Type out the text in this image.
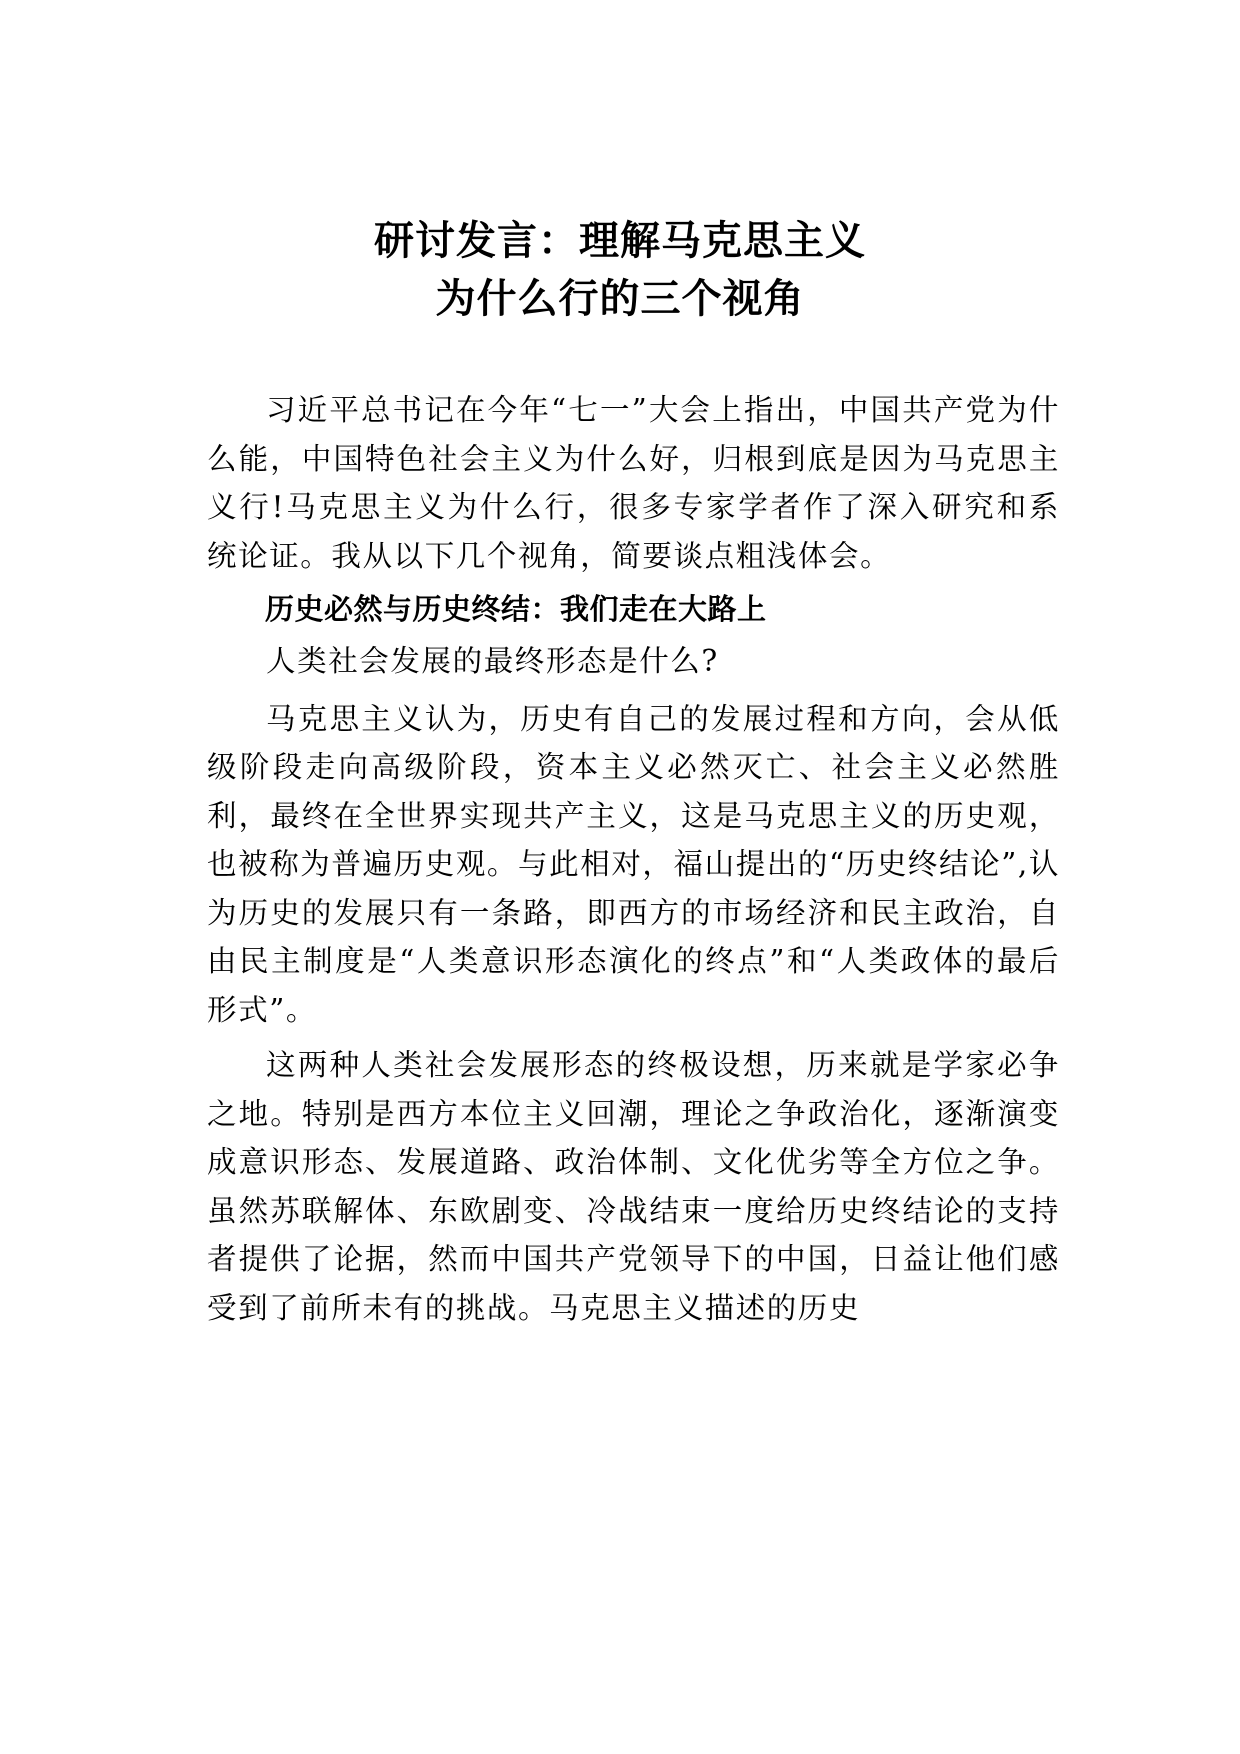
研讨发言：理解马克思主义
为什么行的三个视角

习近平总书记在今年“七一”大会上指出，中国共产党为什么能，中国特色社会主义为什么好，归根到底是因为马克思主义行!马克思主义为什么行，很多专家学者作了深入研究和系统论证。我从以下几个视角，简要谈点粗浅体会。

历史必然与历史终结：我们走在大路上

人类社会发展的最终形态是什么?

马克思主义认为，历史有自己的发展过程和方向，会从低级阶段走向高级阶段，资本主义必然灭亡、社会主义必然胜利，最终在全世界实现共产主义，这是马克思主义的历史观，也被称为普遍历史观。与此相对，福山提出的“历史终结论”,认为历史的发展只有一条路，即西方的市场经济和民主政治，自由民主制度是“人类意识形态演化的终点”和“人类政体的最后形式”。

这两种人类社会发展形态的终极设想，历来就是学家必争之地。特别是西方本位主义回潮，理论之争政治化，逐渐演变成意识形态、发展道路、政治体制、文化优劣等全方位之争。虽然苏联解体、东欧剧变、冷战结束一度给历史终结论的支持者提供了论据，然而中国共产党领导下的中国，日益让他们感受到了前所未有的挑战。马克思主义描述的历史
